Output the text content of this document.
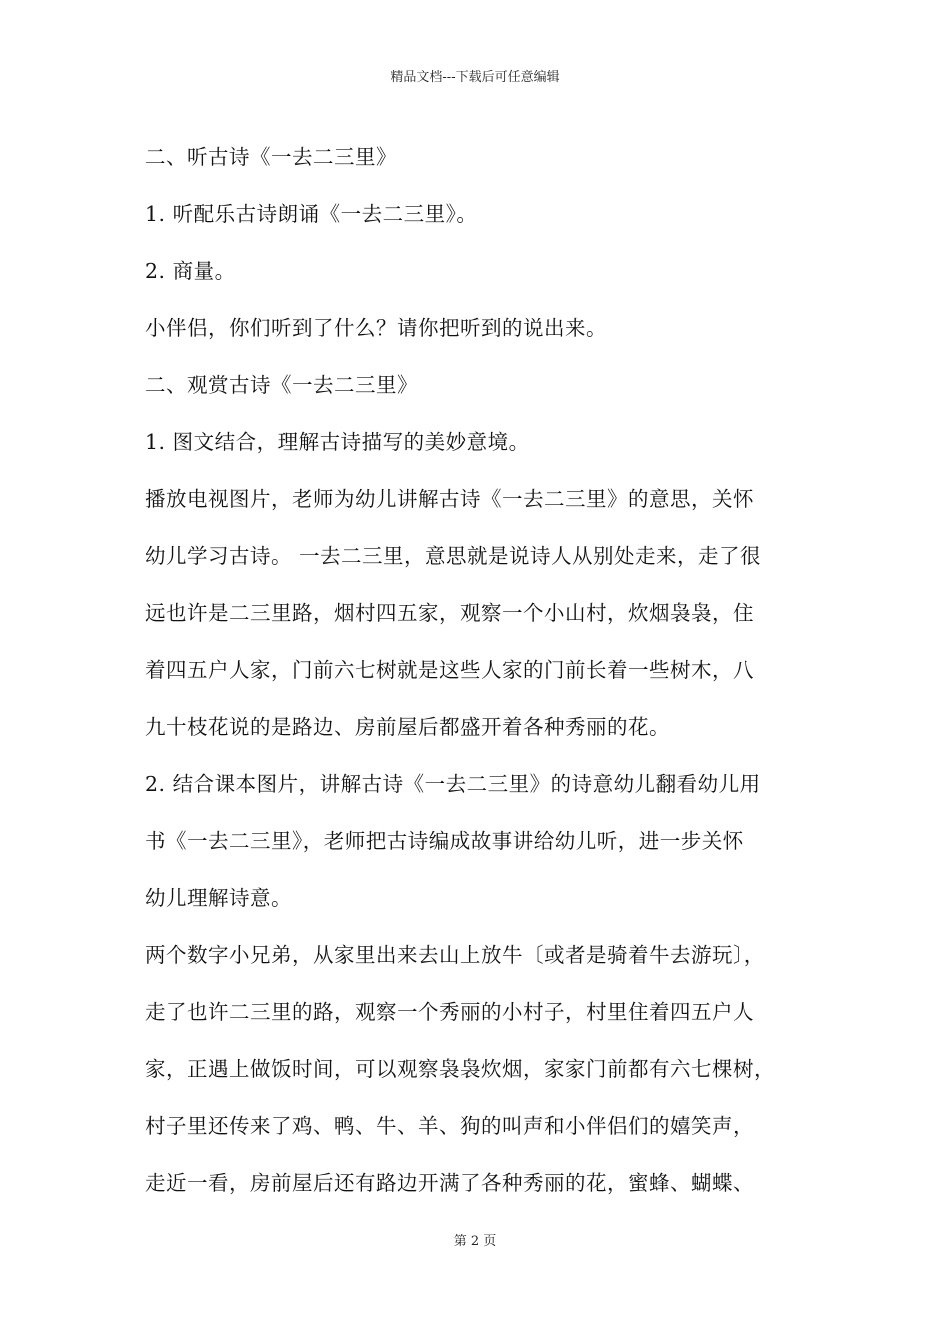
精品文档---下载后可任意编辑
二、听古诗《一去二三里》
1. 听配乐古诗朗诵《一去二三里》。
2. 商量。
小伴侣，你们听到了什么？请你把听到的说出来。
二、观赏古诗《一去二三里》
1. 图文结合，理解古诗描写的美妙意境。
播放电视图片，老师为幼儿讲解古诗《一去二三里》的意思，关怀
幼儿学习古诗。 一去二三里，意思就是说诗人从别处走来，走了很
远也许是二三里路，烟村四五家，观察一个小山村，炊烟袅袅，住
着四五户人家，门前六七树就是这些人家的门前长着一些树木，八
九十枝花说的是路边、房前屋后都盛开着各种秀丽的花。
2. 结合课本图片，讲解古诗《一去二三里》的诗意幼儿翻看幼儿用
书《一去二三里》，老师把古诗编成故事讲给幼儿听，进一步关怀
幼儿理解诗意。
两个数字小兄弟，从家里出来去山上放牛〔或者是骑着牛去游玩〕，
走了也许二三里的路，观察一个秀丽的小村子，村里住着四五户人
家，正遇上做饭时间，可以观察袅袅炊烟，家家门前都有六七棵树，
村子里还传来了鸡、鸭、牛、羊、狗的叫声和小伴侣们的嬉笑声，
走近一看，房前屋后还有路边开满了各种秀丽的花，蜜蜂、蝴蝶、
第 2 页
